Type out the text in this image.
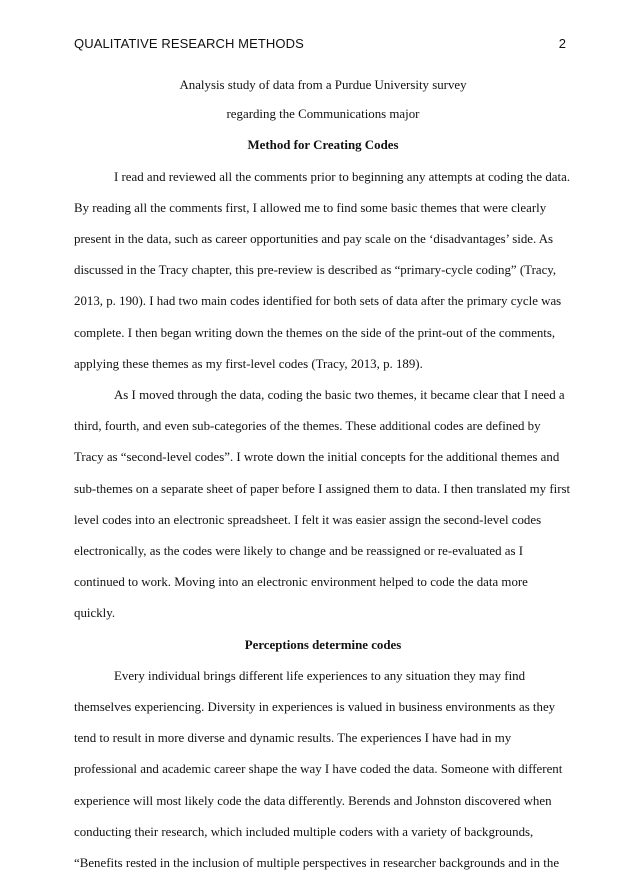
QUALITATIVE RESEARCH METHODS	2

Analysis study of data from a Purdue University survey

regarding the Communications major

Method for Creating Codes

I read and reviewed all the comments prior to beginning any attempts at coding the data. By reading all the comments first, I allowed me to find some basic themes that were clearly present in the data, such as career opportunities and pay scale on the ‘disadvantages’ side. As discussed in the Tracy chapter, this pre-review is described as “primary-cycle coding” (Tracy, 2013, p. 190). I had two main codes identified for both sets of data after the primary cycle was complete. I then began writing down the themes on the side of the print-out of the comments, applying these themes as my first-level codes (Tracy, 2013, p. 189).

As I moved through the data, coding the basic two themes, it became clear that I need a third, fourth, and even sub-categories of the themes. These additional codes are defined by Tracy as “second-level codes”. I wrote down the initial concepts for the additional themes and sub-themes on a separate sheet of paper before I assigned them to data. I then translated my first level codes into an electronic spreadsheet. I felt it was easier assign the second-level codes electronically, as the codes were likely to change and be reassigned or re-evaluated as I continued to work. Moving into an electronic environment helped to code the data more quickly.

Perceptions determine codes

Every individual brings different life experiences to any situation they may find themselves experiencing. Diversity in experiences is valued in business environments as they tend to result in more diverse and dynamic results. The experiences I have had in my professional and academic career shape the way I have coded the data. Someone with different experience will most likely code the data differently. Berends and Johnston discovered when conducting their research, which included multiple coders with a variety of backgrounds, “Benefits rested in the inclusion of multiple perspectives in researcher backgrounds and in the
